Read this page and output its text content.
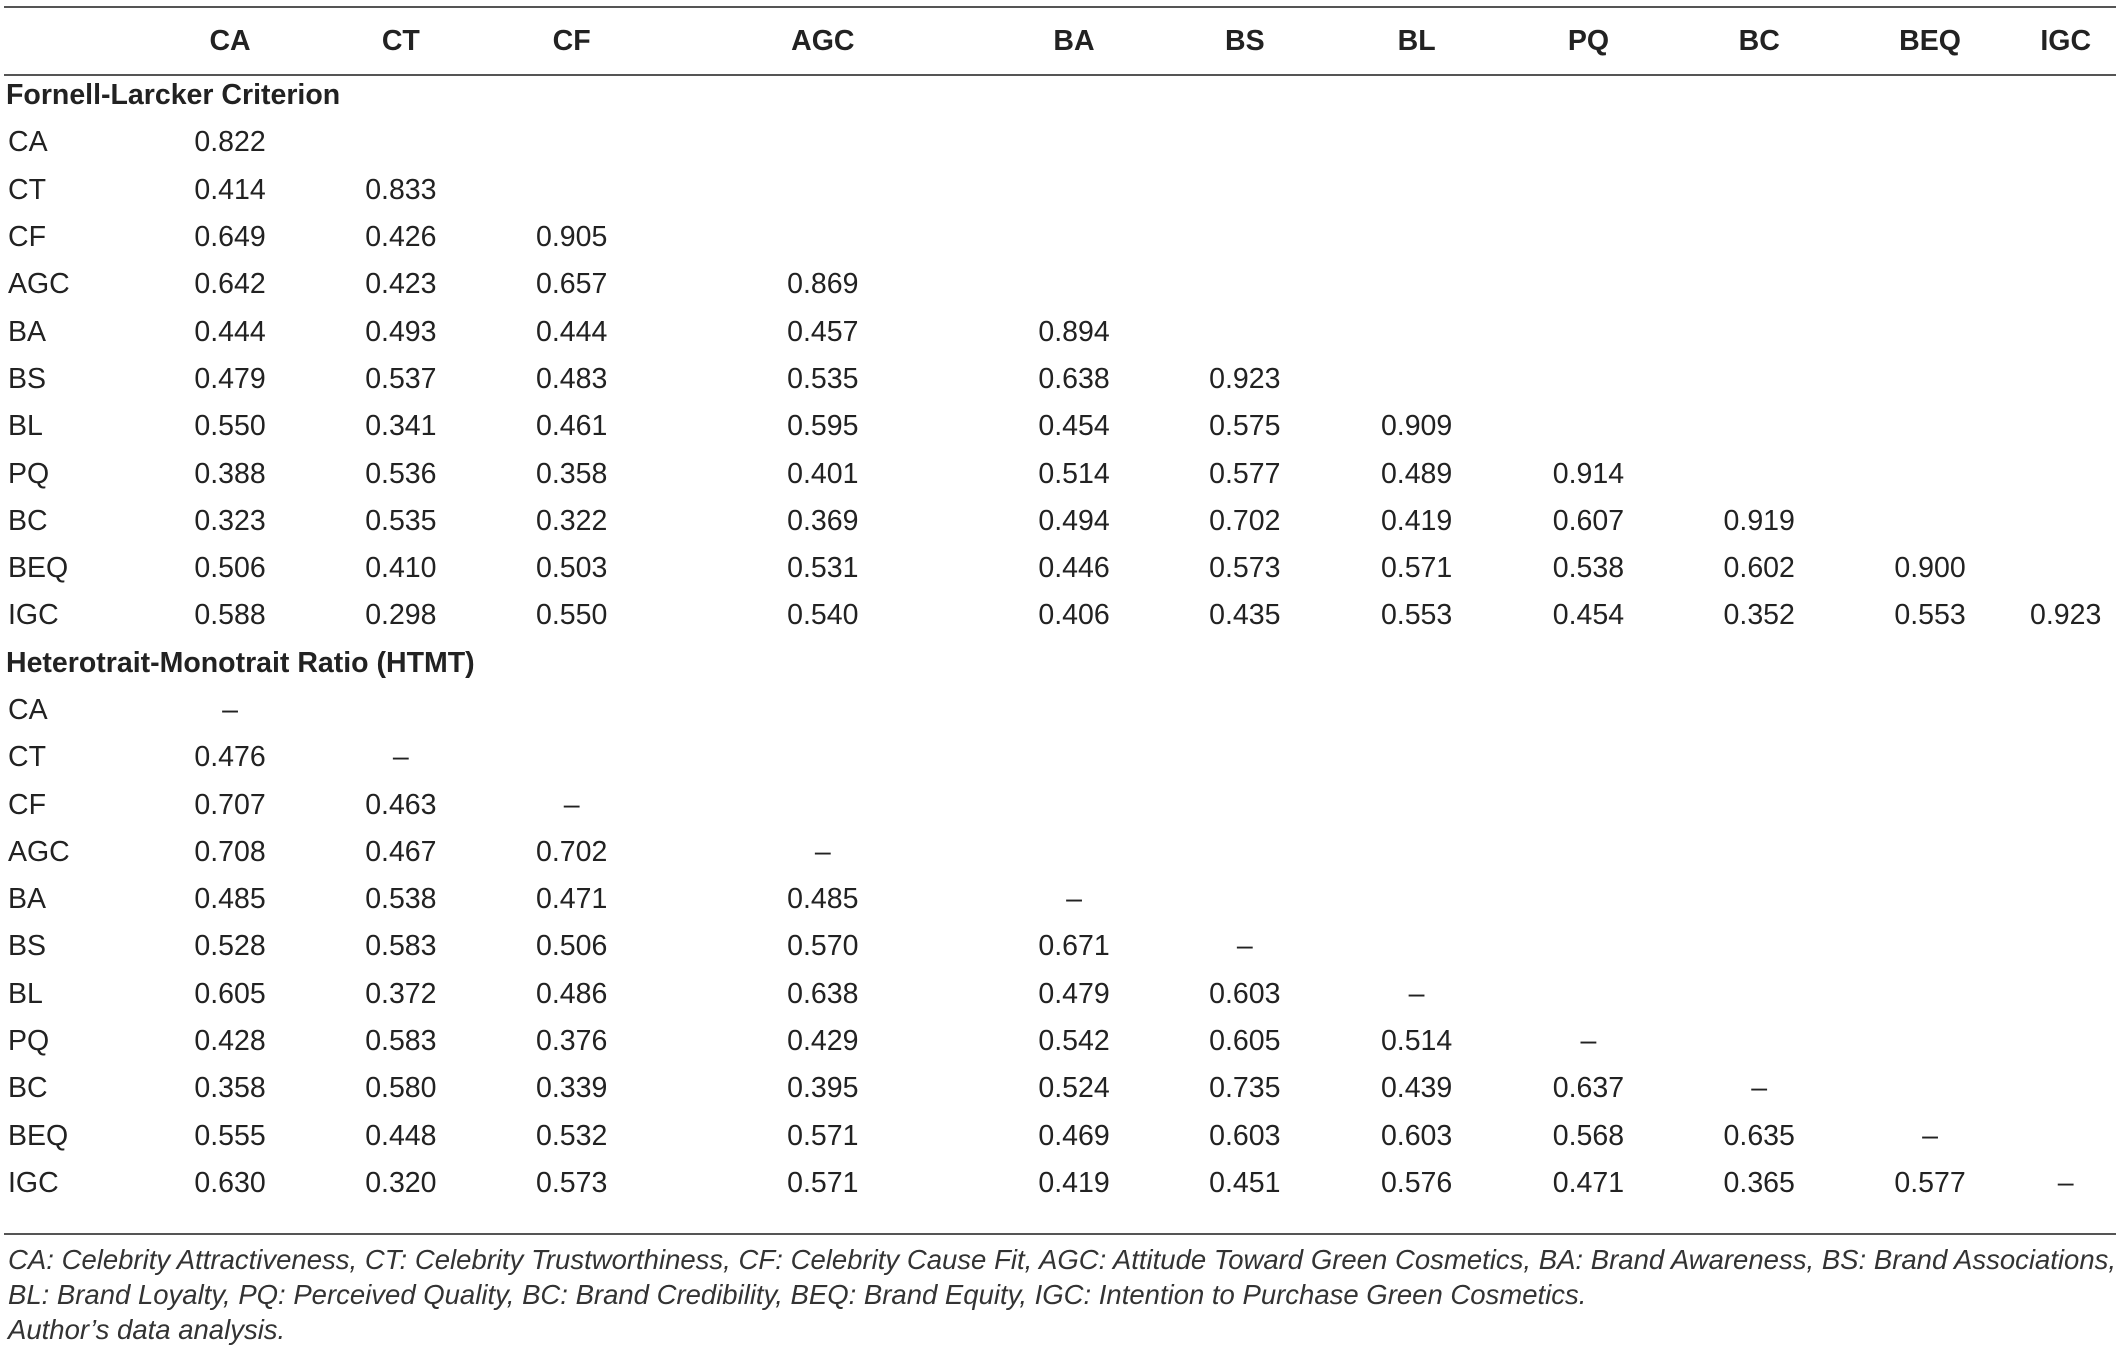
	CA	CT	CF	AGC	BA	BS	BL	PQ	BC	BEQ	IGC
Fornell-Larcker Criterion											
CA	0.822										
CT	0.414	0.833									
CF	0.649	0.426	0.905								
AGC	0.642	0.423	0.657	0.869							
BA	0.444	0.493	0.444	0.457	0.894						
BS	0.479	0.537	0.483	0.535	0.638	0.923					
BL	0.550	0.341	0.461	0.595	0.454	0.575	0.909				
PQ	0.388	0.536	0.358	0.401	0.514	0.577	0.489	0.914			
BC	0.323	0.535	0.322	0.369	0.494	0.702	0.419	0.607	0.919		
BEQ	0.506	0.410	0.503	0.531	0.446	0.573	0.571	0.538	0.602	0.900	
IGC	0.588	0.298	0.550	0.540	0.406	0.435	0.553	0.454	0.352	0.553	0.923
Heterotrait-Monotrait Ratio (HTMT)											
CA	–										
CT	0.476	–									
CF	0.707	0.463	–								
AGC	0.708	0.467	0.702	–							
BA	0.485	0.538	0.471	0.485	–						
BS	0.528	0.583	0.506	0.570	0.671	–					
BL	0.605	0.372	0.486	0.638	0.479	0.603	–				
PQ	0.428	0.583	0.376	0.429	0.542	0.605	0.514	–			
BC	0.358	0.580	0.339	0.395	0.524	0.735	0.439	0.637	–		
BEQ	0.555	0.448	0.532	0.571	0.469	0.603	0.603	0.568	0.635	–	
IGC	0.630	0.320	0.573	0.571	0.419	0.451	0.576	0.471	0.365	0.577	–

CA: Celebrity Attractiveness, CT: Celebrity Trustworthiness, CF: Celebrity Cause Fit, AGC: Attitude Toward Green Cosmetics, BA: Brand Awareness, BS: Brand Associations, BL: Brand Loyalty, PQ: Perceived Quality, BC: Brand Credibility, BEQ: Brand Equity, IGC: Intention to Purchase Green Cosmetics.

Author’s data analysis.
